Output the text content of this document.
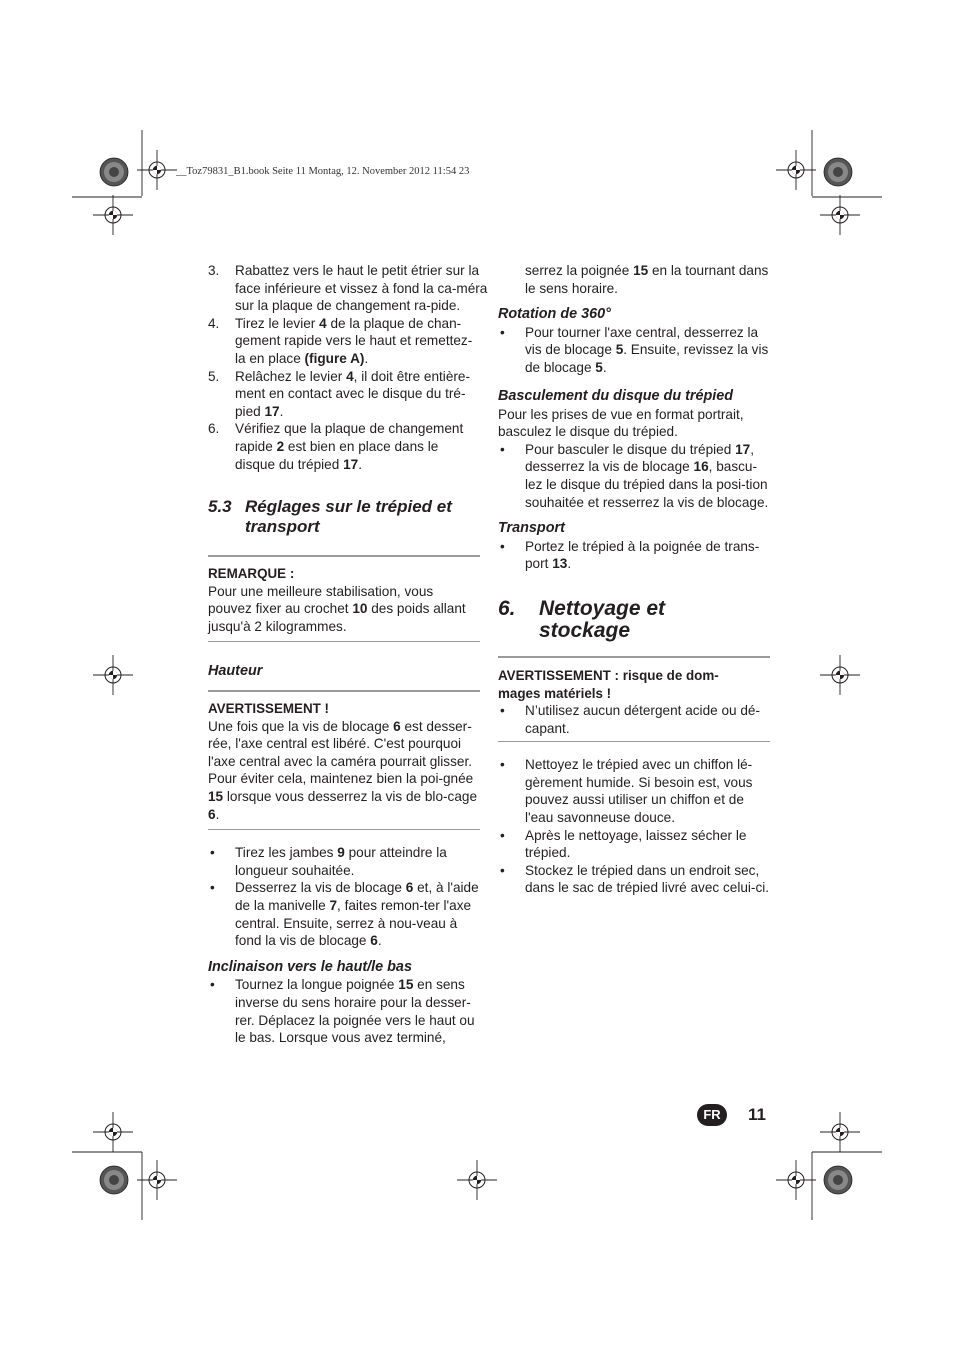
__Toz79831_B1.book Seite 11 Montag, 12. November 2012 11:54 23
3. Rabattez vers le haut le petit étrier sur la face inférieure et vissez à fond la ca-méra sur la plaque de changement ra-pide.
4. Tirez le levier 4 de la plaque de chan-gement rapide vers le haut et remettez-la en place (figure A).
5. Relâchez le levier 4, il doit être entière-ment en contact avec le disque du tré-pied 17.
6. Vérifiez que la plaque de changement rapide 2 est bien en place dans le disque du trépied 17.
5.3 Réglages sur le trépied et transport
REMARQUE :

Pour une meilleure stabilisation, vous pouvez fixer au crochet 10 des poids allant jusqu'à 2 kilogrammes.

Hauteur
AVERTISSEMENT !

Une fois que la vis de blocage 6 est desser-rée, l'axe central est libéré. C'est pourquoi l'axe central avec la caméra pourrait glisser. Pour éviter cela, maintenez bien la poi-gnée 15 lorsque vous desserrez la vis de blo-cage 6.

• Tirez les jambes 9 pour atteindre la longueur souhaitée.
• Desserrez la vis de blocage 6 et, à l'aide de la manivelle 7, faites remon-ter l'axe central. Ensuite, serrez à nou-veau à fond la vis de blocage 6.
Inclinaison vers le haut/le bas
• Tournez la longue poignée 15 en sens inverse du sens horaire pour la desser-rer. Déplacez la poignée vers le haut ou le bas. Lorsque vous avez terminé,
serrez la poignée 15 en la tournant dans le sens horaire.
Rotation de 360°
• Pour tourner l'axe central, desserrez la vis de blocage 5. Ensuite, revissez la vis de blocage 5.
Basculement du disque du trépied

Pour les prises de vue en format portrait, basculez le disque du trépied.

• Pour basculer le disque du trépied 17, desserrez la vis de blocage 16, bascu-lez le disque du trépied dans la posi-tion souhaitée et resserrez la vis de blocage.
Transport
• Portez le trépied à la poignée de trans-port 13.
6. Nettoyage et stockage
AVERTISSEMENT : risque de dom-mages matériels !
• N’utilisez aucun détergent acide ou dé-capant.
• Nettoyez le trépied avec un chiffon lé-gèrement humide. Si besoin est, vous pouvez aussi utiliser un chiffon et de l'eau savonneuse douce.
• Après le nettoyage, laissez sécher le trépied.
• Stockez le trépied dans un endroit sec, dans le sac de trépied livré avec celui-ci.
FR	11
